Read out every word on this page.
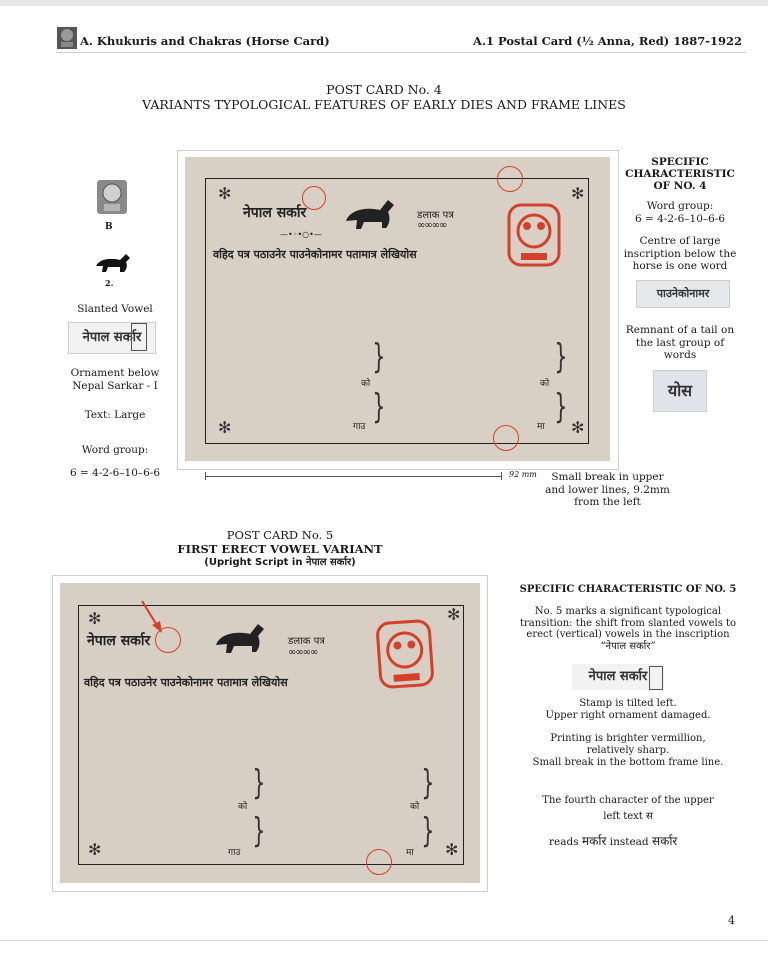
A. Khukuris and Chakras (Horse Card)	A.1 Postal Card (½ Anna, Red) 1887-1922
POST CARD No. 4
VARIANTS TYPOLOGICAL FEATURES OF EARLY DIES AND FRAME LINES
B
2.
Slanted Vowel
नेपाल सर्कार
Ornament below
Nepal Sarkar - I
Text: Large
Word group:
6 = 4-2-6–10–6-6
✻	✻
✻	✻
नेपाल सर्कार	डलाक पत्र
∞∞∞∞
—•◦•○•—
वहिद पत्र पठाउनेर पाउनेकोनामर पतामात्र लेखियोस
}
}
को
गाउ
}
}
को
मा
92 mm	Small break in upper
and lower lines, 9.2mm
from the left
SPECIFIC
CHARACTERISTIC
OF NO. 4
Word group:
6 = 4-2-6–10–6-6
Centre of large
inscription below the
horse is one word
पाउनेकोनामर
Remnant of a tail on
the last group of
words
योस
POST CARD No. 5
FIRST ERECT VOWEL VARIANT
(Upright Script in नेपाल सर्कार)
✻	✻
✻	✻
नेपाल सर्कार	डलाक पत्र
∞∞∞∞
वहिद पत्र पठाउनेर पाउनेकोनामर पतामात्र लेखियोस
}
}
को
गाउ
}
}
को
मा
SPECIFIC CHARACTERISTIC OF NO. 5
No. 5 marks a significant typological
transition: the shift from slanted vowels to
erect (vertical) vowels in the inscription
“नेपाल सर्कार”
नेपाल सर्कार
Stamp is tilted left.
Upper right ornament damaged.
Printing is brighter vermillion,
relatively sharp.
Small break in the bottom frame line.
The fourth character of the upper
left text स
reads मर्कार instead सर्कार
4
